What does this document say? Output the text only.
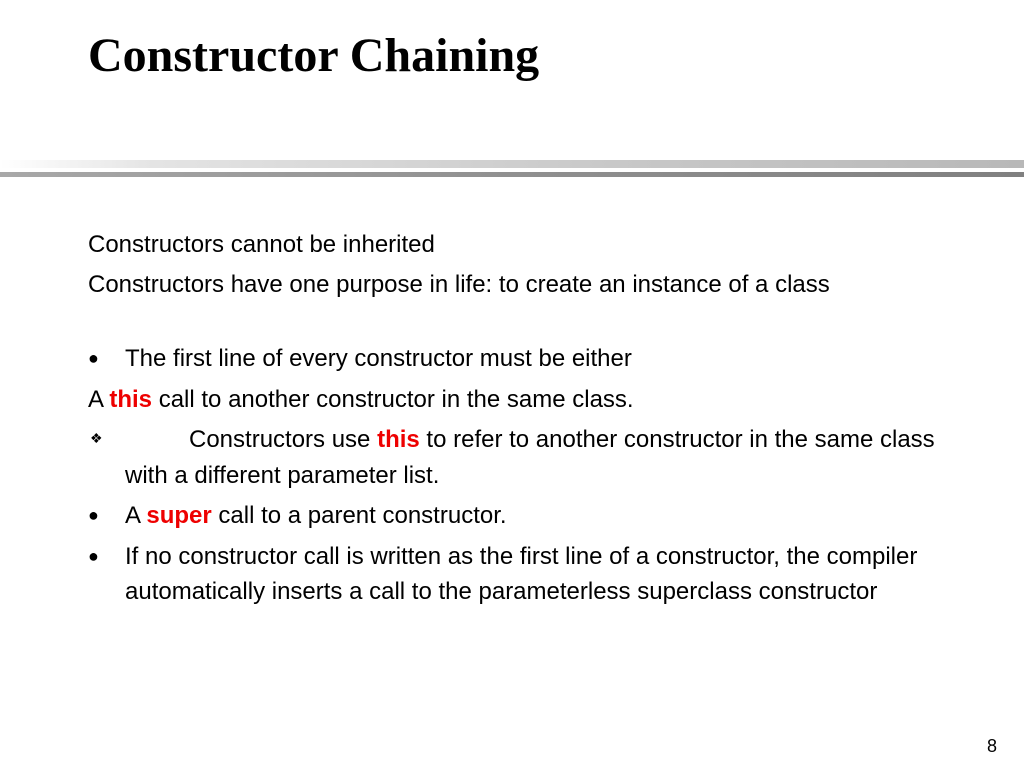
Constructor Chaining

Constructors cannot be inherited

Constructors have one purpose in life: to create an instance of a class

● The first line of every constructor must be either

A this call to another constructor in the same class.

❖	Constructors use this to refer to another constructor in the same class with a different parameter list.

● A super call to a parent constructor.

● If no constructor call is written as the first line of a constructor, the compiler automatically inserts a call to the parameterless superclass constructor

8
